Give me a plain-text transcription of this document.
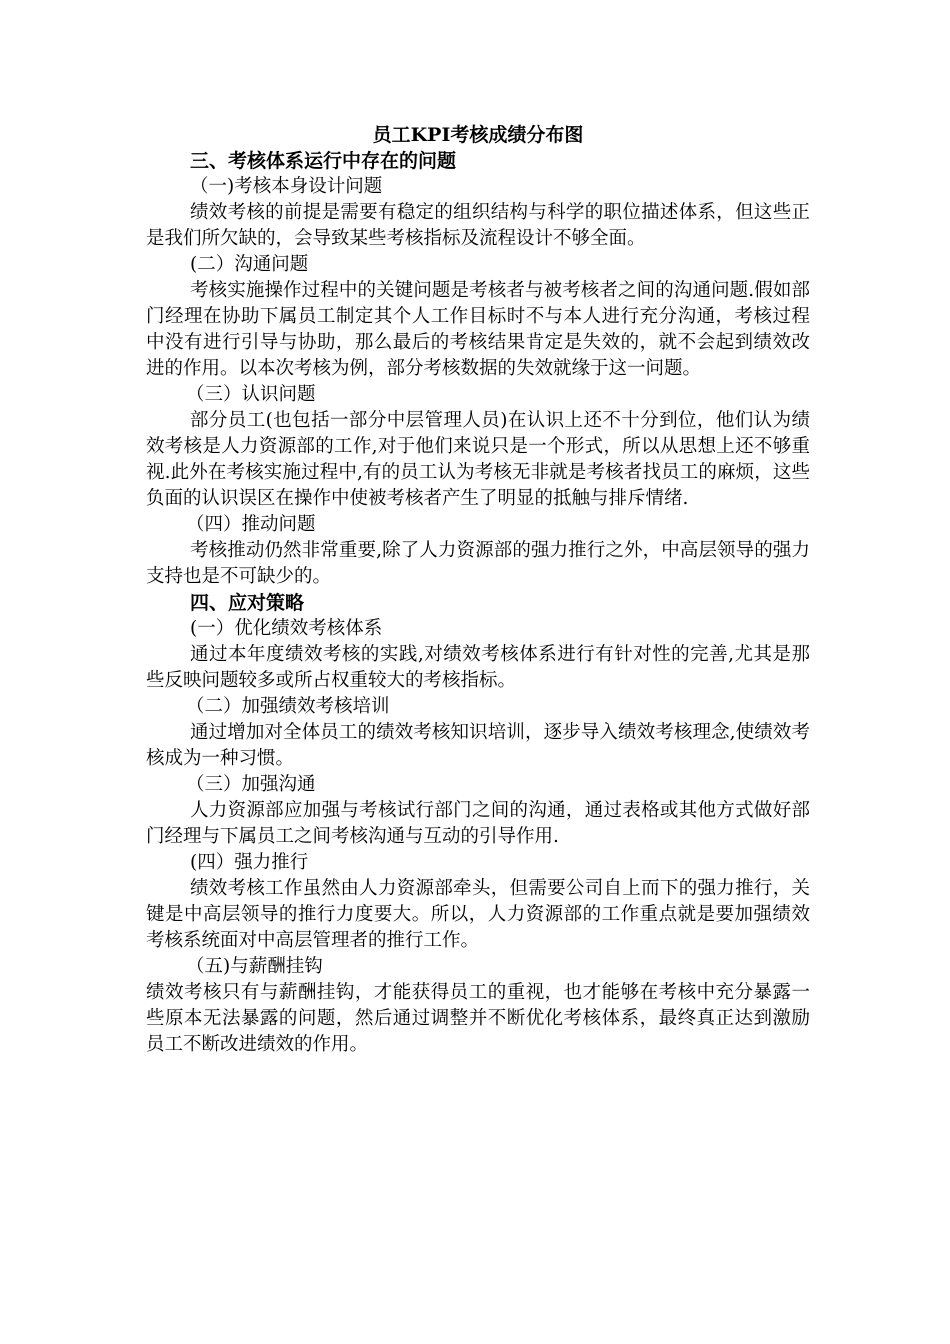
员工KPI考核成绩分布图

三、考核体系运行中存在的问题

（一)考核本身设计问题

绩效考核的前提是需要有稳定的组织结构与科学的职位描述体系，但这些正是我们所欠缺的，会导致某些考核指标及流程设计不够全面。

(二）沟通问题

考核实施操作过程中的关键问题是考核者与被考核者之间的沟通问题.假如部门经理在协助下属员工制定其个人工作目标时不与本人进行充分沟通，考核过程中没有进行引导与协助，那么最后的考核结果肯定是失效的，就不会起到绩效改进的作用。以本次考核为例，部分考核数据的失效就缘于这一问题。

（三）认识问题

部分员工(也包括一部分中层管理人员)在认识上还不十分到位，他们认为绩效考核是人力资源部的工作,对于他们来说只是一个形式，所以从思想上还不够重视.此外在考核实施过程中,有的员工认为考核无非就是考核者找员工的麻烦，这些负面的认识误区在操作中使被考核者产生了明显的抵触与排斥情绪.

（四）推动问题

考核推动仍然非常重要,除了人力资源部的强力推行之外，中高层领导的强力支持也是不可缺少的。

四、应对策略

(一）优化绩效考核体系

通过本年度绩效考核的实践,对绩效考核体系进行有针对性的完善,尤其是那些反映问题较多或所占权重较大的考核指标。

（二）加强绩效考核培训

通过增加对全体员工的绩效考核知识培训，逐步导入绩效考核理念,使绩效考核成为一种习惯。

（三）加强沟通

人力资源部应加强与考核试行部门之间的沟通，通过表格或其他方式做好部门经理与下属员工之间考核沟通与互动的引导作用.

(四）强力推行

绩效考核工作虽然由人力资源部牵头，但需要公司自上而下的强力推行，关键是中高层领导的推行力度要大。所以，人力资源部的工作重点就是要加强绩效考核系统面对中高层管理者的推行工作。

（五)与薪酬挂钩

绩效考核只有与薪酬挂钩，才能获得员工的重视，也才能够在考核中充分暴露一些原本无法暴露的问题，然后通过调整并不断优化考核体系，最终真正达到激励员工不断改进绩效的作用。
